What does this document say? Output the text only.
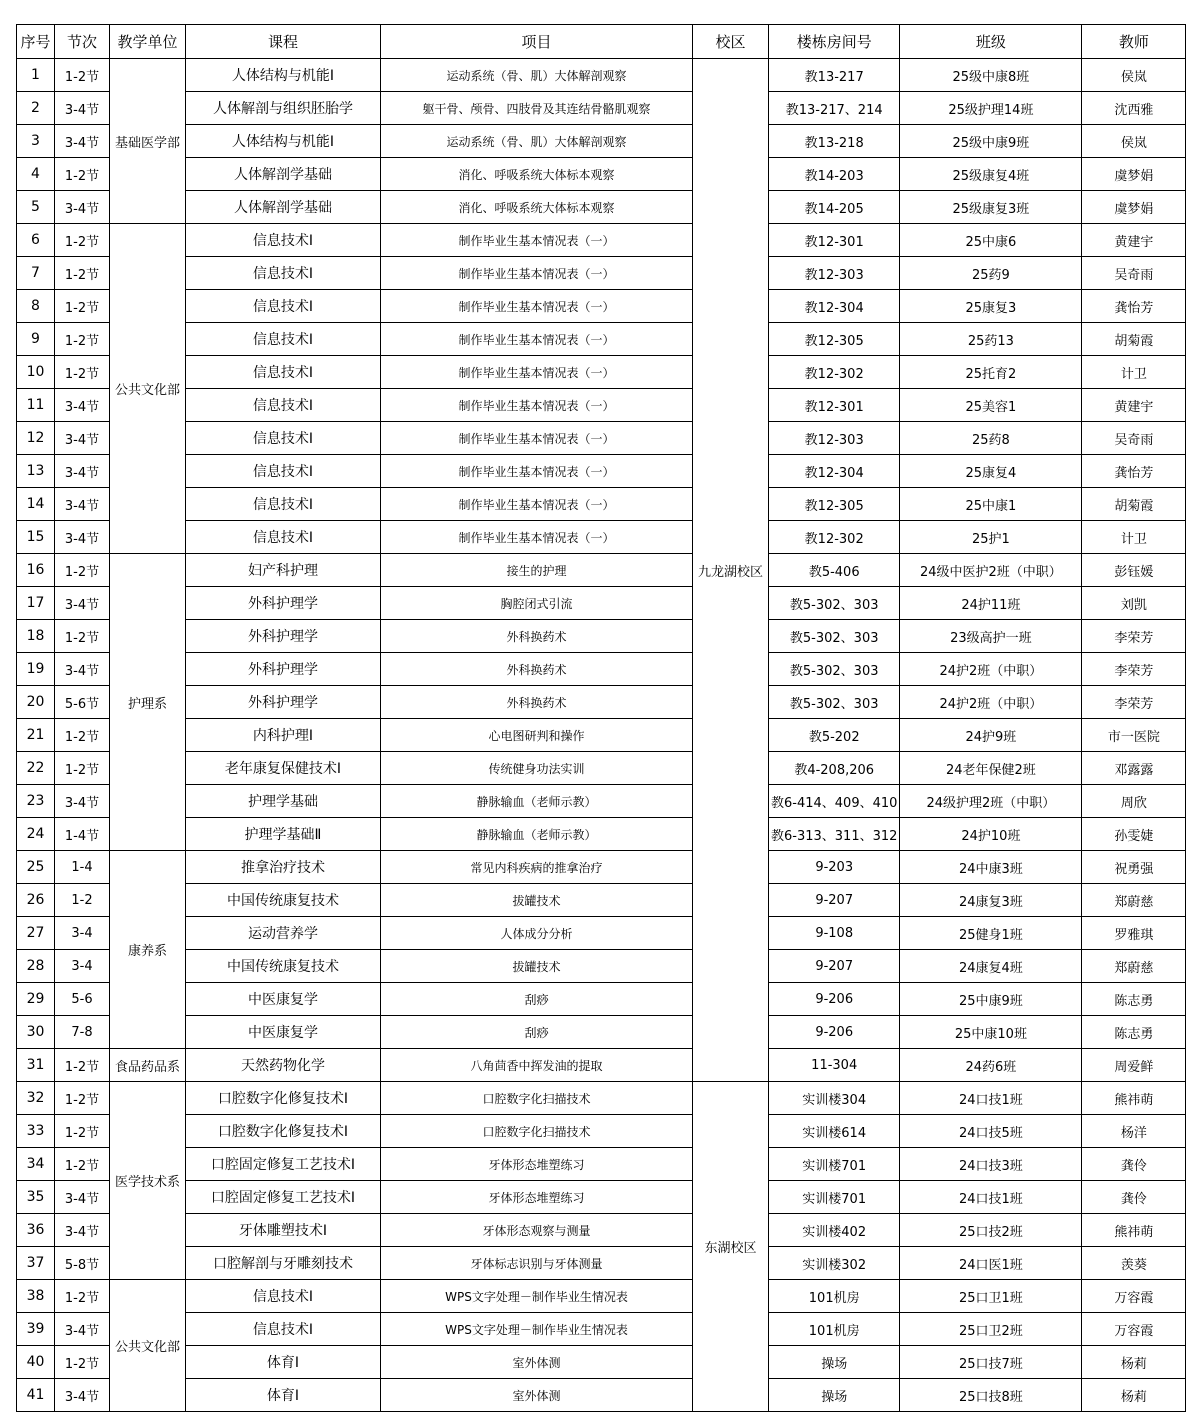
序号	节次	教学单位	课程	项目	校区	楼栋房间号	班级	教师
1	1-2节	基础医学部	人体结构与机能Ⅰ	运动系统（骨、肌）大体解剖观察	九龙湖校区	教13-217	25级中康8班	侯岚
2	3-4节		人体解剖与组织胚胎学	躯干骨、颅骨、四肢骨及其连结骨骼肌观察		教13-217、214	25级护理14班	沈西雅
3	3-4节		人体结构与机能Ⅰ	运动系统（骨、肌）大体解剖观察		教13-218	25级中康9班	侯岚
4	1-2节		人体解剖学基础	消化、呼吸系统大体标本观察		教14-203	25级康复4班	虞梦娟
5	3-4节		人体解剖学基础	消化、呼吸系统大体标本观察		教14-205	25级康复3班	虞梦娟
6	1-2节	公共文化部	信息技术Ⅰ	制作毕业生基本情况表（一）		教12-301	25中康6	黄建宇
7	1-2节		信息技术Ⅰ	制作毕业生基本情况表（一）		教12-303	25药9	吴奇雨
8	1-2节		信息技术Ⅰ	制作毕业生基本情况表（一）		教12-304	25康复3	龚怡芳
9	1-2节		信息技术Ⅰ	制作毕业生基本情况表（一）		教12-305	25药13	胡菊霞
10	1-2节		信息技术Ⅰ	制作毕业生基本情况表（一）		教12-302	25托育2	计卫
11	3-4节		信息技术Ⅰ	制作毕业生基本情况表（一）		教12-301	25美容1	黄建宇
12	3-4节		信息技术Ⅰ	制作毕业生基本情况表（一）		教12-303	25药8	吴奇雨
13	3-4节		信息技术Ⅰ	制作毕业生基本情况表（一）		教12-304	25康复4	龚怡芳
14	3-4节		信息技术Ⅰ	制作毕业生基本情况表（一）		教12-305	25中康1	胡菊霞
15	3-4节		信息技术Ⅰ	制作毕业生基本情况表（一）		教12-302	25护1	计卫
16	1-2节	护理系	妇产科护理	接生的护理		教5-406	24级中医护2班（中职）	彭钰媛
17	3-4节		外科护理学	胸腔闭式引流		教5-302、303	24护11班	刘凯
18	1-2节		外科护理学	外科换药术		教5-302、303	23级高护一班	李荣芳
19	3-4节		外科护理学	外科换药术		教5-302、303	24护2班（中职）	李荣芳
20	5-6节		外科护理学	外科换药术		教5-302、303	24护2班（中职）	李荣芳
21	1-2节		内科护理I	心电图研判和操作		教5-202	24护9班	市一医院
22	1-2节		老年康复保健技术I	传统健身功法实训		教4-208,206	24老年保健2班	邓露露
23	3-4节		护理学基础	静脉输血（老师示教）		教6-414、409、410	24级护理2班（中职）	周欣
24	1-4节		护理学基础Ⅱ	静脉输血（老师示教）		教6-313、311、312	24护10班	孙雯婕
25	1-4	康养系	推拿治疗技术	常见内科疾病的推拿治疗		9-203	24中康3班	祝勇强
26	1-2		中国传统康复技术	拔罐技术		9-207	24康复3班	郑蔚慈
27	3-4		运动营养学	人体成分分析		9-108	25健身1班	罗雅琪
28	3-4		中国传统康复技术	拔罐技术		9-207	24康复4班	郑蔚慈
29	5-6		中医康复学	刮痧		9-206	25中康9班	陈志勇
30	7-8		中医康复学	刮痧		9-206	25中康10班	陈志勇
31	1-2节	食品药品系	天然药物化学	八角茴香中挥发油的提取		11-304	24药6班	周爱鲜
32	1-2节	医学技术系	口腔数字化修复技术I	口腔数字化扫描技术	东湖校区	实训楼304	24口技1班	熊祎萌
33	1-2节		口腔数字化修复技术I	口腔数字化扫描技术		实训楼614	24口技5班	杨洋
34	1-2节		口腔固定修复工艺技术I	牙体形态堆塑练习		实训楼701	24口技3班	龚伶
35	3-4节		口腔固定修复工艺技术I	牙体形态堆塑练习		实训楼701	24口技1班	龚伶
36	3-4节		牙体雕塑技术I	牙体形态观察与测量		实训楼402	25口技2班	熊祎萌
37	5-8节		口腔解剖与牙雕刻技术	牙体标志识别与牙体测量		实训楼302	24口医1班	羡葵
38	1-2节	公共文化部	信息技术I	WPS文字处理－制作毕业生情况表		101机房	25口卫1班	万容霞
39	3-4节		信息技术I	WPS文字处理－制作毕业生情况表		101机房	25口卫2班	万容霞
40	1-2节		体育I	室外体测		操场	25口技7班	杨莉
41	3-4节		体育I	室外体测		操场	25口技8班	杨莉
